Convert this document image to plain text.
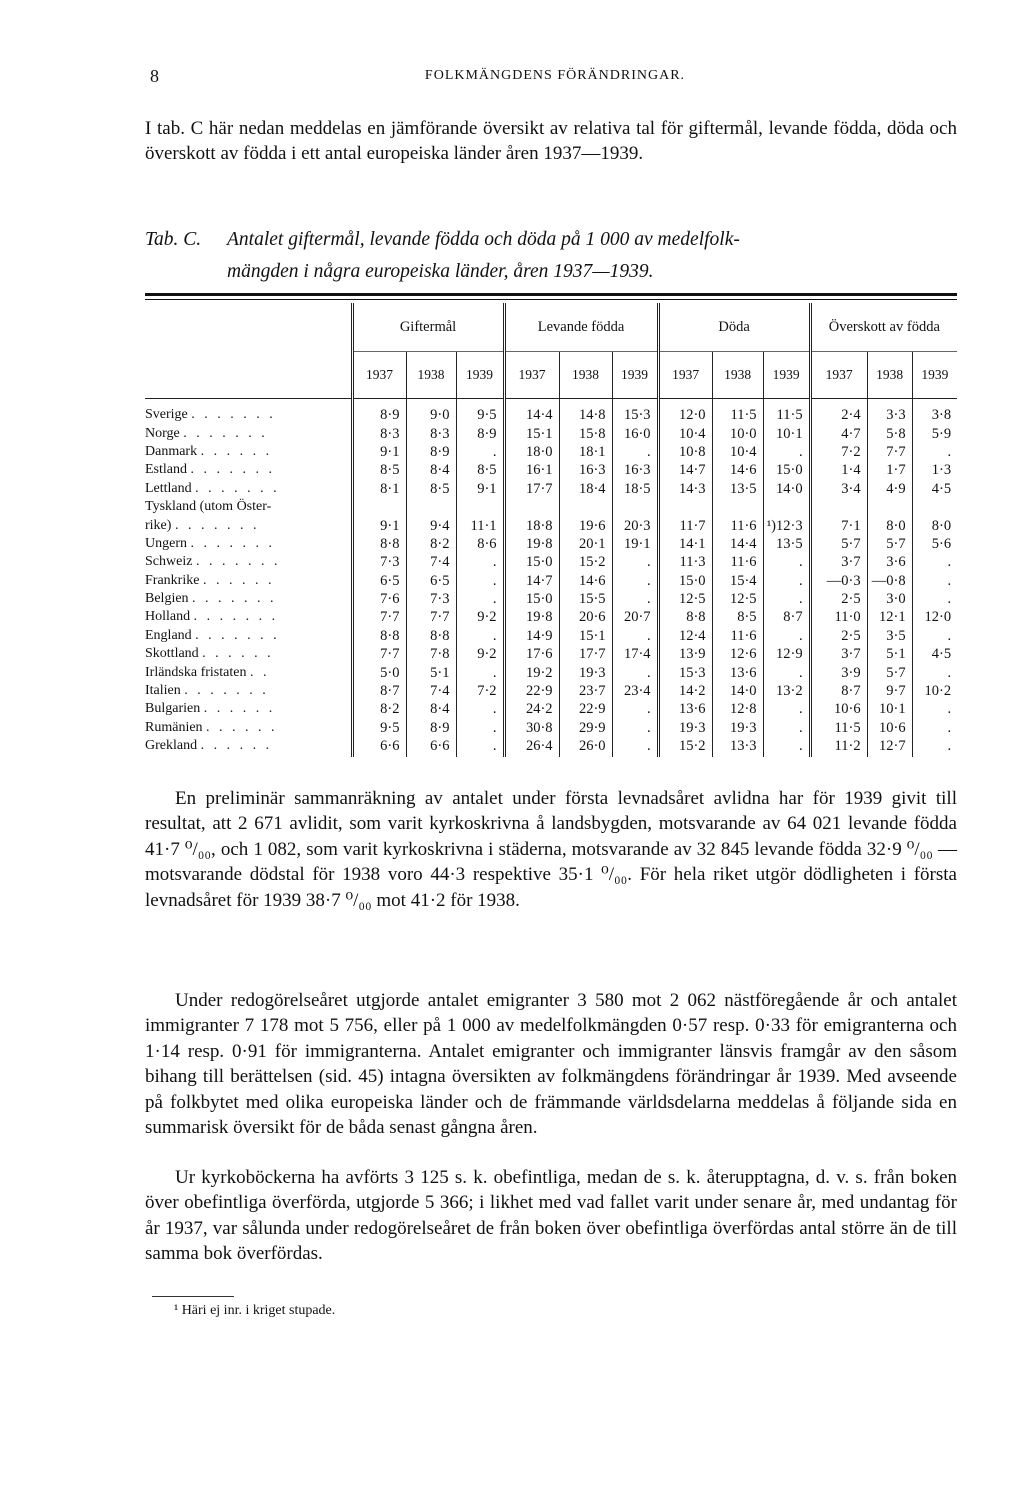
8	FOLKMÄNGDENS FÖRÄNDRINGAR.

I tab. C här nedan meddelas en jämförande översikt av relativa tal för giftermål, levande födda, döda och överskott av födda i ett antal europeiska länder åren 1937—1939.

Tab. C. Antalet giftermål, levande födda och döda på 1 000 av medelfolk-
mängden i några europeiska länder, åren 1937—1939.
	Giftermål			Levande födda			Döda			Överskott av födda		
	1937	1938	1939	1937	1938	1939	1937	1938	1939	1937	1938	1939
Sverige . . . . . . .	8·9	9·0	9·5	14·4	14·8	15·3	12·0	11·5	11·5	2·4	3·3	3·8
Norge . . . . . . .	8·3	8·3	8·9	15·1	15·8	16·0	10·4	10·0	10·1	4·7	5·8	5·9
Danmark . . . . . .	9·1	8·9	.	18·0	18·1	.	10·8	10·4	.	7·2	7·7	.
Estland . . . . . . .	8·5	8·4	8·5	16·1	16·3	16·3	14·7	14·6	15·0	1·4	1·7	1·3
Lettland . . . . . . .	8·1	8·5	9·1	17·7	18·4	18·5	14·3	13·5	14·0	3·4	4·9	4·5
Tyskland (utom Öster-												
rike) . . . . . . .	9·1	9·4	11·1	18·8	19·6	20·3	11·7	11·6	¹)12·3	7·1	8·0	8·0
Ungern . . . . . . .	8·8	8·2	8·6	19·8	20·1	19·1	14·1	14·4	13·5	5·7	5·7	5·6
Schweiz . . . . . . .	7·3	7·4	.	15·0	15·2	.	11·3	11·6	.	3·7	3·6	.
Frankrike . . . . . .	6·5	6·5	.	14·7	14·6	.	15·0	15·4	.	—0·3	—0·8	.
Belgien . . . . . . .	7·6	7·3	.	15·0	15·5	.	12·5	12·5	.	2·5	3·0	.
Holland . . . . . . .	7·7	7·7	9·2	19·8	20·6	20·7	8·8	8·5	8·7	11·0	12·1	12·0
England . . . . . . .	8·8	8·8	.	14·9	15·1	.	12·4	11·6	.	2·5	3·5	.
Skottland . . . . . .	7·7	7·8	9·2	17·6	17·7	17·4	13·9	12·6	12·9	3·7	5·1	4·5
Irländska fristaten . .	5·0	5·1	.	19·2	19·3	.	15·3	13·6	.	3·9	5·7	.
Italien . . . . . . .	8·7	7·4	7·2	22·9	23·7	23·4	14·2	14·0	13·2	8·7	9·7	10·2
Bulgarien . . . . . .	8·2	8·4	.	24·2	22·9	.	13·6	12·8	.	10·6	10·1	.
Rumänien . . . . . .	9·5	8·9	.	30·8	29·9	.	19·3	19·3	.	11·5	10·6	.
Grekland . . . . . .	6·6	6·6	.	26·4	26·0	.	15·2	13·3	.	11·2	12·7	.

En preliminär sammanräkning av antalet under första levnadsåret avlidna har för 1939 givit till resultat, att 2 671 avlidit, som varit kyrkoskrivna å landsbygden, motsvarande av 64 021 levande födda 41·7 ⁰/₀₀, och 1 082, som varit kyrkoskrivna i städerna, motsvarande av 32 845 levande födda 32·9 ⁰/₀₀ — motsvarande dödstal för 1938 voro 44·3 respektive 35·1 ⁰/₀₀. För hela riket utgör dödligheten i första levnadsåret för 1939 38·7 ⁰/₀₀ mot 41·2 för 1938.

Under redogörelseåret utgjorde antalet emigranter 3 580 mot 2 062 nästföregående år och antalet immigranter 7 178 mot 5 756, eller på 1 000 av medelfolkmängden 0·57 resp. 0·33 för emigranterna och 1·14 resp. 0·91 för immigranterna. Antalet emigranter och immigranter länsvis framgår av den såsom bihang till berättelsen (sid. 45) intagna översikten av folkmängdens förändringar år 1939. Med avseende på folkbytet med olika europeiska länder och de främmande världsdelarna meddelas å följande sida en summarisk översikt för de båda senast gångna åren.

Ur kyrkoböckerna ha avförts 3 125 s. k. obefintliga, medan de s. k. återupptagna, d. v. s. från boken över obefintliga överförda, utgjorde 5 366; i likhet med vad fallet varit under senare år, med undantag för år 1937, var sålunda under redogörelseåret de från boken över obefintliga överfördas antal större än de till samma bok överfördas.

¹ Häri ej inr. i kriget stupade.
